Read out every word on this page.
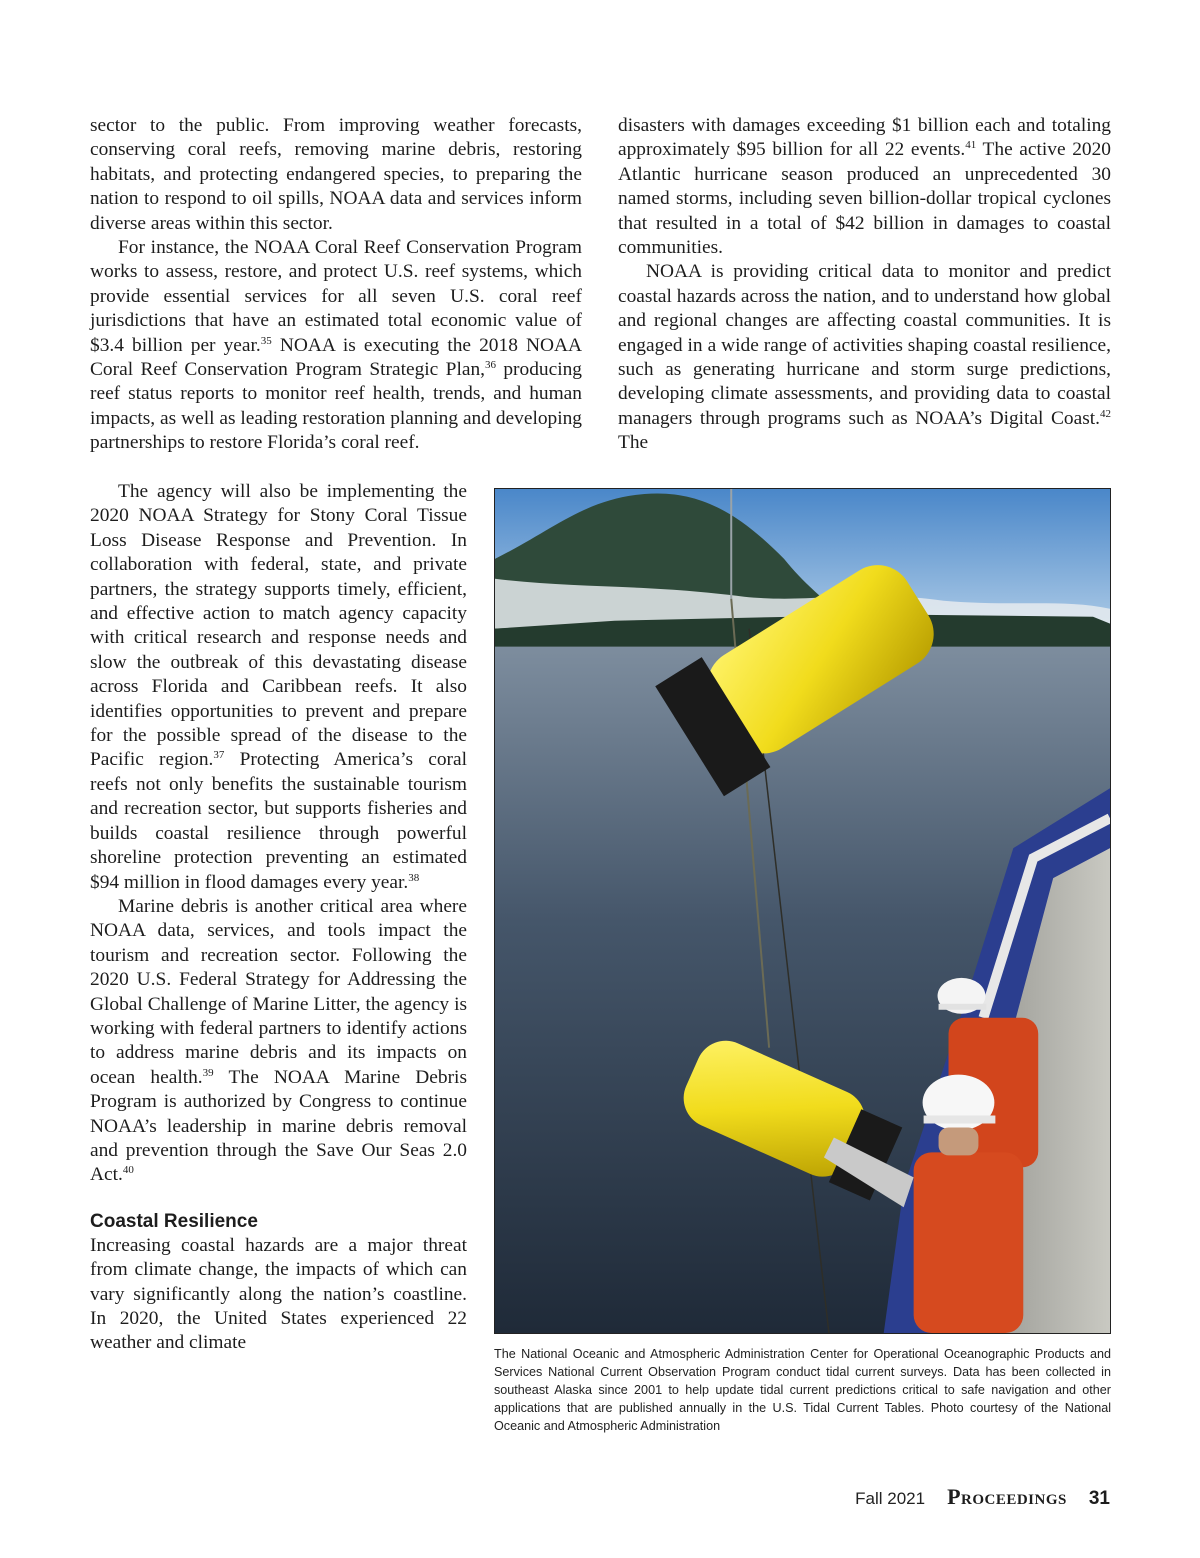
sector to the public. From improving weather forecasts, conserving coral reefs, removing marine debris, restoring habitats, and protecting endangered species, to preparing the nation to respond to oil spills, NOAA data and services inform diverse areas within this sector.

For instance, the NOAA Coral Reef Conservation Program works to assess, restore, and protect U.S. reef systems, which provide essential services for all seven U.S. coral reef jurisdictions that have an estimated total economic value of $3.4 billion per year.$^{35}$ NOAA is executing the 2018 NOAA Coral Reef Conservation Program Strategic Plan,$^{36}$ producing reef status reports to monitor reef health, trends, and human impacts, as well as leading restoration planning and developing partnerships to restore Florida’s coral reef.

disasters with damages exceeding $1 billion each and totaling approximately $95 billion for all 22 events.$^{41}$ The active 2020 Atlantic hurricane season produced an unprecedented 30 named storms, including seven billion-dollar tropical cyclones that resulted in a total of $42 billion in damages to coastal communities.

NOAA is providing critical data to monitor and predict coastal hazards across the nation, and to understand how global and regional changes are affecting coastal communities. It is engaged in a wide range of activities shaping coastal resilience, such as generating hurricane and storm surge predictions, developing climate assessments, and providing data to coastal managers through programs such as NOAA’s Digital Coast.$^{42}$ The

The agency will also be implementing the 2020 NOAA Strategy for Stony Coral Tissue Loss Disease Response and Prevention. In collaboration with federal, state, and private partners, the strategy supports timely, efficient, and effective action to match agency capacity with critical research and response needs and slow the outbreak of this devastating disease across Florida and Caribbean reefs. It also identifies opportunities to prevent and prepare for the possible spread of the disease to the Pacific region.$^{37}$ Protecting America’s coral reefs not only benefits the sustainable tourism and recreation sector, but supports fisheries and builds coastal resilience through powerful shoreline protection preventing an estimated $94 million in flood damages every year.$^{38}$

Marine debris is another critical area where NOAA data, services, and tools impact the tourism and recreation sector. Following the 2020 U.S. Federal Strategy for Addressing the Global Challenge of Marine Litter, the agency is working with federal partners to identify actions to address marine debris and its impacts on ocean health.$^{39}$ The NOAA Marine Debris Program is authorized by Congress to continue NOAA’s leadership in marine debris removal and prevention through the Save Our Seas 2.0 Act.$^{40}$

Coastal Resilience

Increasing coastal hazards are a major threat from climate change, the impacts of which can vary significantly along the nation’s coastline. In 2020, the United States experienced 22 weather and climate

The National Oceanic and Atmospheric Administration Center for Operational Oceanographic Products and Services National Current Observation Program conduct tidal current surveys. Data has been collected in southeast Alaska since 2001 to help update tidal current predictions critical to safe navigation and other applications that are published annually in the U.S. Tidal Current Tables. Photo courtesy of the National Oceanic and Atmospheric Administration
Fall 2021 Proceedings 31
